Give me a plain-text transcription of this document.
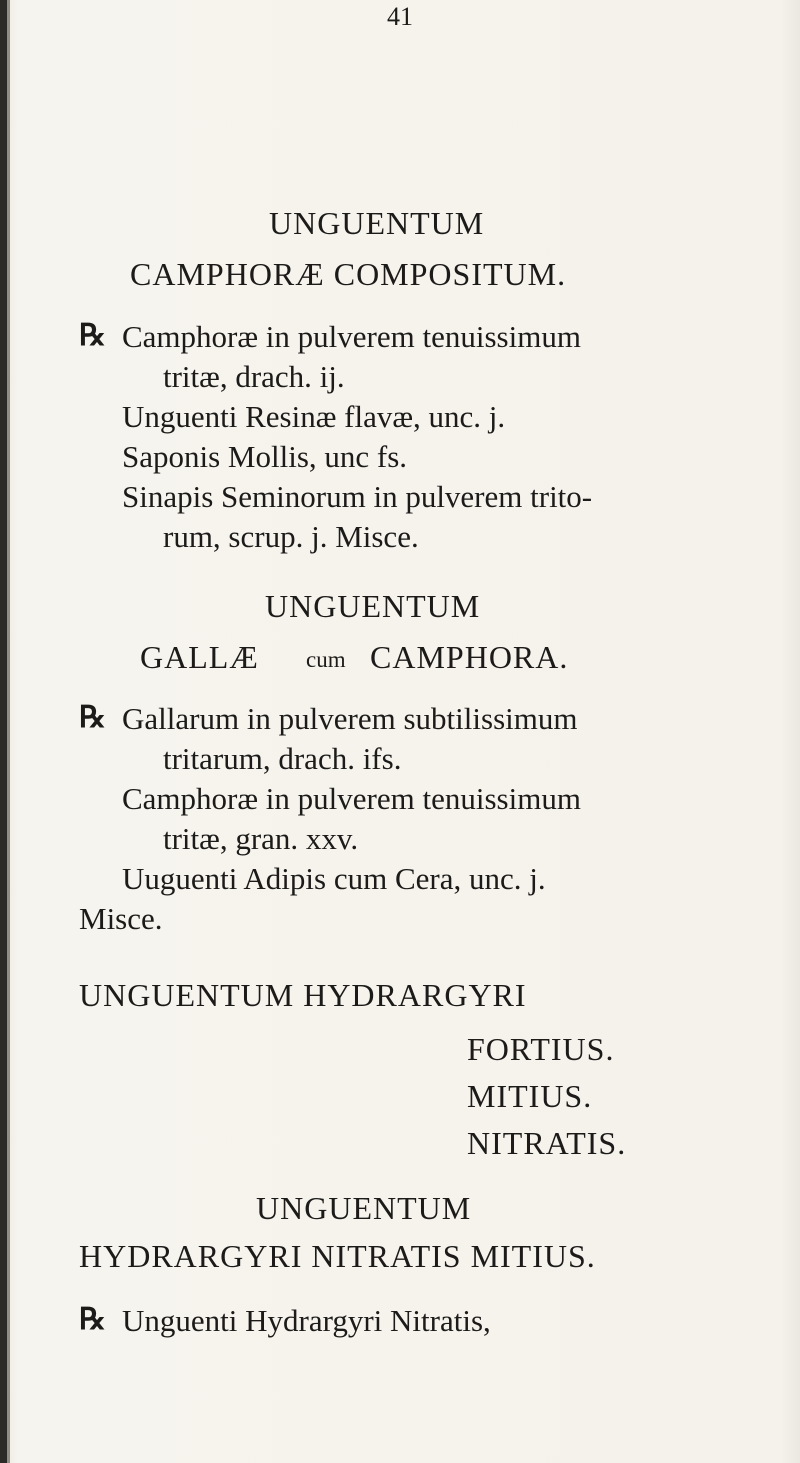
41
UNGUENTUM
CAMPHORÆ COMPOSITUM.
℞ Camphoræ in pulverem tenuissimum
tritæ, drach. ij.
Unguenti Resinæ flavæ, unc. j.
Saponis Mollis, unc fs.
Sinapis Seminorum in pulverem trito-
rum, scrup. j. Misce.
UNGUENTUM
GALLÆ cum CAMPHORA.
℞ Gallarum in pulverem subtilissimum
tritarum, drach. ifs.
Camphoræ in pulverem tenuissimum
tritæ, gran. xxv.
Uuguenti Adipis cum Cera, unc. j.
Misce.
UNGUENTUM HYDRARGYRI
FORTIUS.
MITIUS.
NITRATIS.
UNGUENTUM
HYDRARGYRI NITRATIS MITIUS.
℞ Unguenti Hydrargyri Nitratis,
